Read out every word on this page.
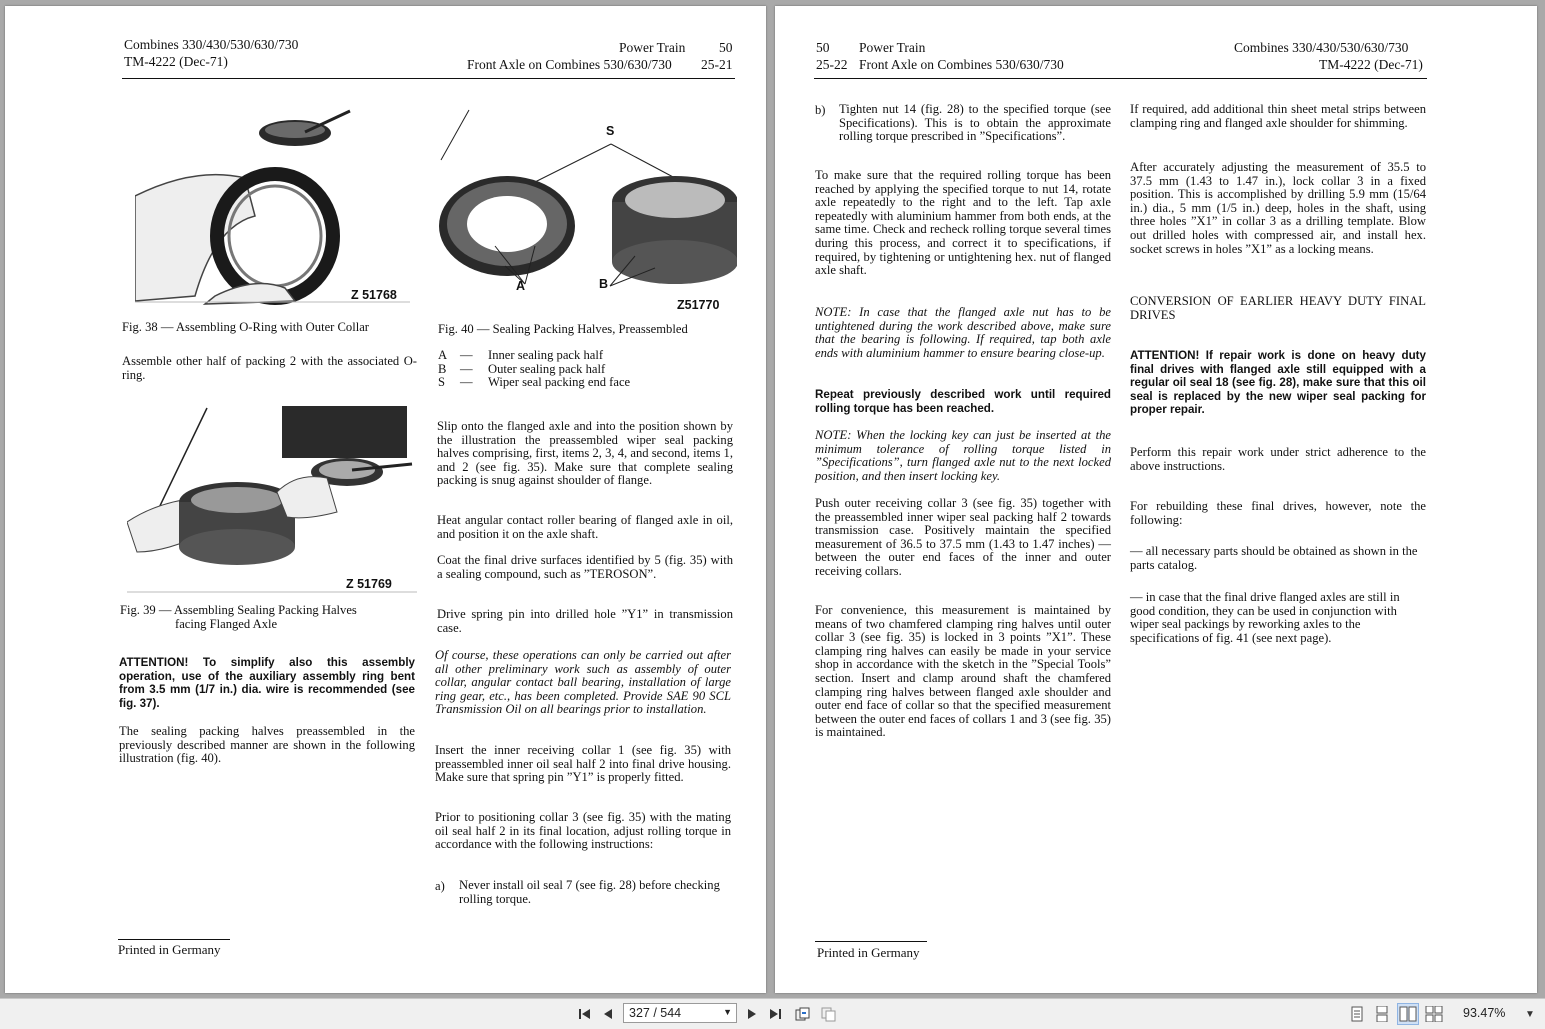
Combines 330/430/530/630/730
TM-4222 (Dec-71)
Power Train 50
Front Axle on Combines 530/630/730 25-21
Z 51768
Fig. 38 — Assembling O-Ring with Outer Collar
Assemble other half of packing 2 with the associated O-ring.
Z 51769
Fig. 39 — Assembling Sealing Packing Halves
facing Flanged Axle
ATTENTION! To simplify also this assembly operation, use of the auxiliary assembly ring bent from 3.5 mm (1/7 in.) dia. wire is recommended (see fig. 37).
The sealing packing halves preassembled in the previously described manner are shown in the following illustration (fig. 40).
S
A	B
Z51770
Fig. 40 — Sealing Packing Halves, Preassembled
A	—	Inner sealing pack half
B	—	Outer sealing pack half
S	—	Wiper seal packing end face
Slip onto the flanged axle and into the position shown by the illustration the preassembled wiper seal packing halves comprising, first, items 2, 3, 4, and second, items 1, and 2 (see fig. 35). Make sure that complete sealing packing is snug against shoulder of flange.
Heat angular contact roller bearing of flanged axle in oil, and position it on the axle shaft.
Coat the final drive surfaces identified by 5 (fig. 35) with a sealing compound, such as ”TEROSON”.
Drive spring pin into drilled hole ”Y1” in transmission case.
Of course, these operations can only be carried out after all other preliminary work such as assembly of outer collar, angular contact ball bearing, installation of large ring gear, etc., has been completed. Provide SAE 90 SCL Transmission Oil on all bearings prior to installation.
Insert the inner receiving collar 1 (see fig. 35) with preassembled inner oil seal half 2 into final drive housing. Make sure that spring pin ”Y1” is properly fitted.
Prior to positioning collar 3 (see fig. 35) with the mating oil seal half 2 in its final location, adjust rolling torque in accordance with the following instructions:
a) Never install oil seal 7 (see fig. 28) before checking rolling torque.
Printed in Germany
50 Power Train
25-22 Front Axle on Combines 530/630/730
Combines 330/430/530/630/730
TM-4222 (Dec-71)
b) Tighten nut 14 (fig. 28) to the specified torque (see Specifications). This is to obtain the approximate rolling torque prescribed in ”Specifications”.
To make sure that the required rolling torque has been reached by applying the specified torque to nut 14, rotate axle repeatedly to the right and to the left. Tap axle repeatedly with aluminium hammer from both ends, at the same time. Check and recheck rolling torque several times during this process, and correct it to specifications, if required, by tightening or untightening hex. nut of flanged axle shaft.
NOTE: In case that the flanged axle nut has to be untightened during the work described above, make sure that the bearing is following. If required, tap both axle ends with aluminium hammer to ensure bearing close-up.
Repeat previously described work until required rolling torque has been reached.
NOTE: When the locking key can just be inserted at the minimum tolerance of rolling torque listed in ”Specifications”, turn flanged axle nut to the next locked position, and then insert locking key.
Push outer receiving collar 3 (see fig. 35) together with the preassembled inner wiper seal packing half 2 towards transmission case. Positively maintain the specified measurement of 36.5 to 37.5 mm (1.43 to 1.47 inches) — between the outer end faces of the inner and outer receiving collars.
For convenience, this measurement is maintained by means of two chamfered clamping ring halves until outer collar 3 (see fig. 35) is locked in 3 points ”X1”. These clamping ring halves can easily be made in your service shop in accordance with the sketch in the ”Special Tools” section. Insert and clamp around shaft the chamfered clamping ring halves between flanged axle shoulder and outer end face of collar so that the specified measurement between the outer end faces of collars 1 and 3 (see fig. 35) is maintained.
If required, add additional thin sheet metal strips between clamping ring and flanged axle shoulder for shimming.
After accurately adjusting the measurement of 35.5 to 37.5 mm (1.43 to 1.47 in.), lock collar 3 in a fixed position. This is accomplished by drilling 5.9 mm (15/64 in.) dia., 5 mm (1/5 in.) deep, holes in the shaft, using three holes ”X1” in collar 3 as a drilling template. Blow out drilled holes with compressed air, and install hex. socket screws in holes ”X1” as a locking means.
CONVERSION OF EARLIER HEAVY DUTY FINAL DRIVES
ATTENTION! If repair work is done on heavy duty final drives with flanged axle still equipped with a regular oil seal 18 (see fig. 28), make sure that this oil seal is replaced by the new wiper seal packing for proper repair.
Perform this repair work under strict adherence to the above instructions.
For rebuilding these final drives, however, note the following:
— all necessary parts should be obtained as shown in the parts catalog.
— in case that the final drive flanged axles are still in good condition, they can be used in conjunction with wiper seal packings by reworking axles to the specifications of fig. 41 (see next page).
Printed in Germany
327 / 544	▼	93.47%	▼
